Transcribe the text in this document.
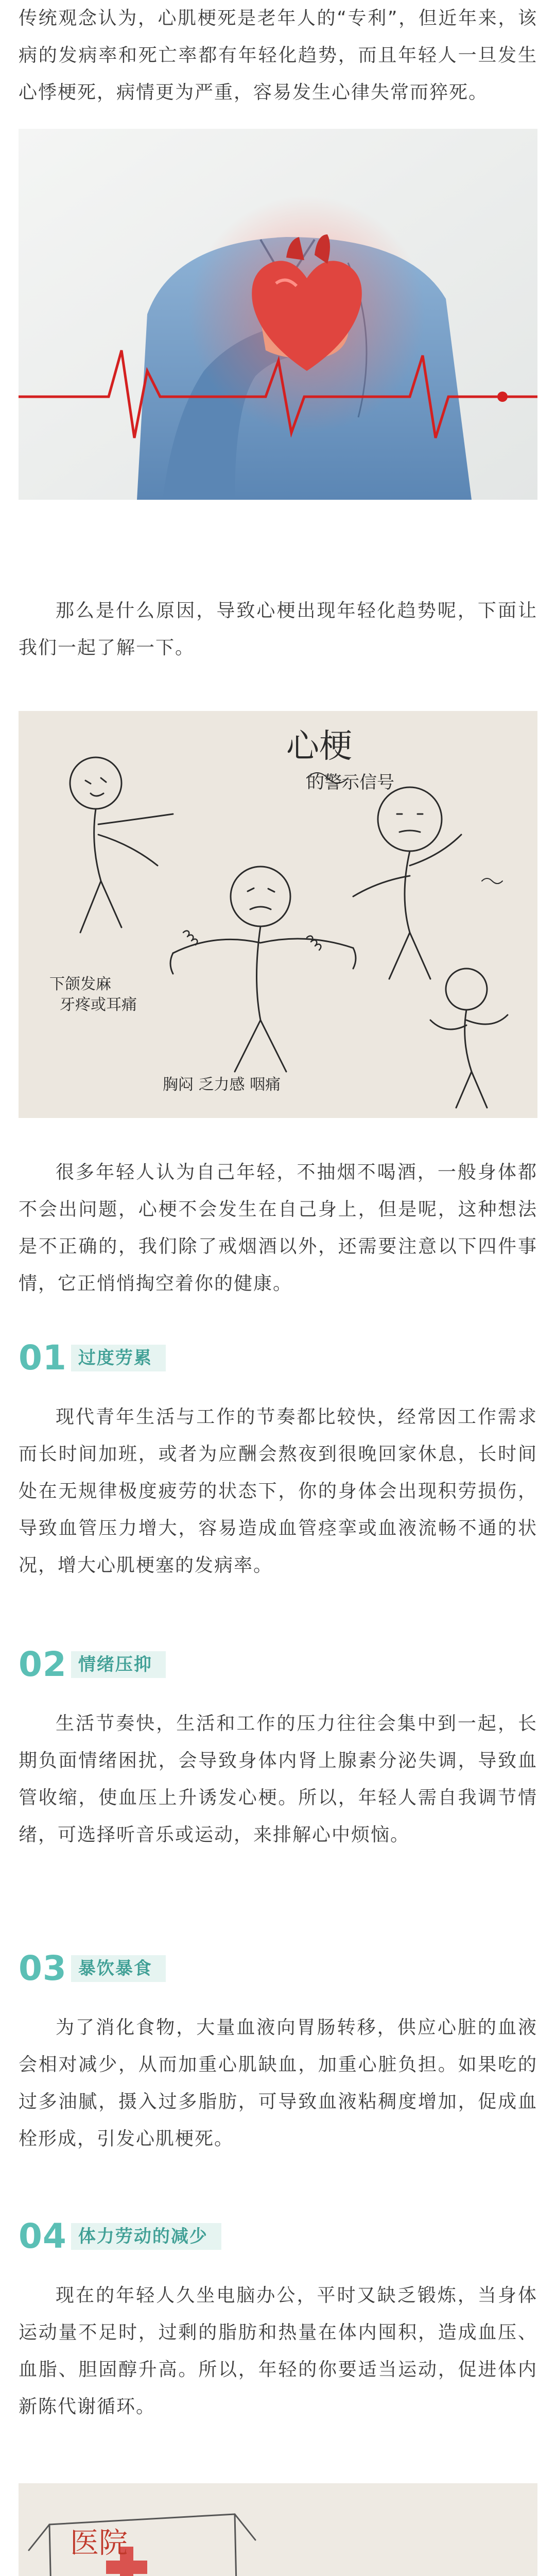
传统观念认为，心肌梗死是老年人的“专利”，但近年来，该病的发病率和死亡率都有年轻化趋势，而且年轻人一旦发生心悸梗死，病情更为严重，容易发生心律失常而猝死。

那么是什么原因，导致心梗出现年轻化趋势呢，下面让我们一起了解一下。

心梗
的警示信号
下颌发麻
牙疼或耳痛
胸闷 乏力感 咽痛

很多年轻人认为自己年轻，不抽烟不喝酒，一般身体都不会出问题，心梗不会发生在自己身上，但是呢，这种想法是不正确的，我们除了戒烟酒以外，还需要注意以下四件事情，它正悄悄掏空着你的健康。

01 过度劳累

现代青年生活与工作的节奏都比较快，经常因工作需求而长时间加班，或者为应酬会熬夜到很晚回家休息，长时间处在无规律极度疲劳的状态下，你的身体会出现积劳损伤，导致血管压力增大，容易造成血管痉挛或血液流畅不通的状况，增大心肌梗塞的发病率。

02 情绪压抑

生活节奏快，生活和工作的压力往往会集中到一起，长期负面情绪困扰，会导致身体内肾上腺素分泌失调，导致血管收缩，使血压上升诱发心梗。所以，年轻人需自我调节情绪，可选择听音乐或运动，来排解心中烦恼。

03 暴饮暴食

为了消化食物，大量血液向胃肠转移，供应心脏的血液会相对减少，从而加重心肌缺血，加重心脏负担。如果吃的过多油腻，摄入过多脂肪，可导致血液粘稠度增加，促成血栓形成，引发心肌梗死。

04 体力劳动的减少

现在的年轻人久坐电脑办公，平时又缺乏锻炼，当身体运动量不足时，过剩的脂肪和热量在体内囤积，造成血压、血脂、胆固醇升高。所以，年轻的你要适当运动，促进体内新陈代谢循环。

医院
